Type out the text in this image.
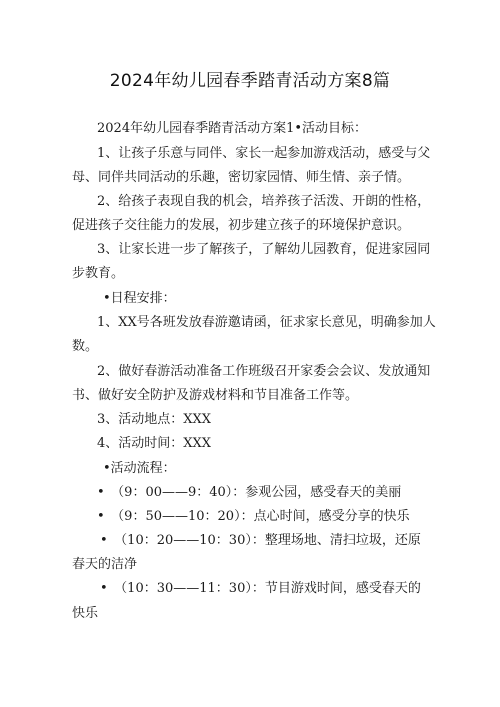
2024年幼儿园春季踏青活动方案8篇
2024年幼儿园春季踏青活动方案1•活动目标：
1、让孩子乐意与同伴、家长一起参加游戏活动，感受与父
母、同伴共同活动的乐趣，密切家园情、师生情、亲子情。
2、给孩子表现自我的机会，培养孩子活泼、开朗的性格，
促进孩子交往能力的发展，初步建立孩子的环境保护意识。
3、让家长进一步了解孩子，了解幼儿园教育，促进家园同
步教育。
•日程安排：
1、XX号各班发放春游邀请函，征求家长意见，明确参加人
数。
2、做好春游活动准备工作班级召开家委会会议、发放通知
书、做好安全防护及游戏材料和节目准备工作等。
3、活动地点：XXX
4、活动时间：XXX
•活动流程：
•　（9：00——9：40）：参观公园，感受春天的美丽
•　（9：50——10：20）：点心时间，感受分享的快乐
•　（10：20——10：30）：整理场地、清扫垃圾，还原
春天的洁净
•　（10：30——11：30）：节目游戏时间，感受春天的
快乐
